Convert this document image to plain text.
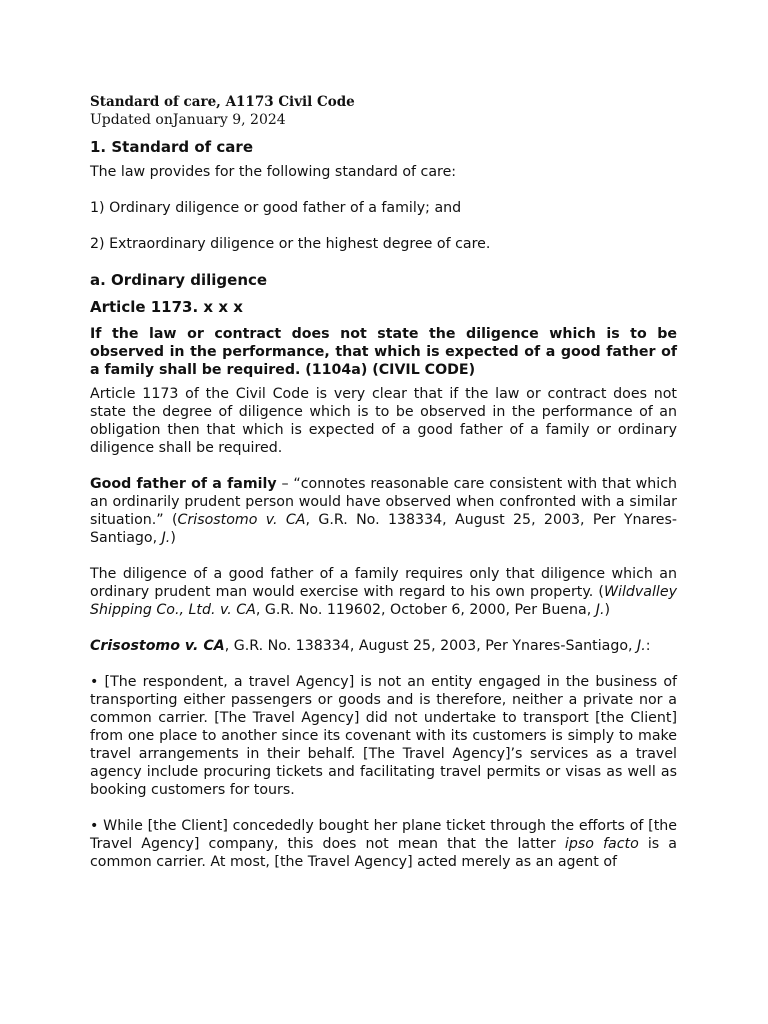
Standard of care, A1173 Civil Code
Updated onJanuary 9, 2024
1. Standard of care

The law provides for the following standard of care:

1) Ordinary diligence or good father of a family; and

2) Extraordinary diligence or the highest degree of care.

a. Ordinary diligence
Article 1173. x x x

If the law or contract does not state the diligence which is to be observed in the performance, that which is expected of a good father of a family shall be required. (1104a) (CIVIL CODE)

Article 1173 of the Civil Code is very clear that if the law or contract does not state the degree of diligence which is to be observed in the performance of an obligation then that which is expected of a good father of a family or ordinary diligence shall be required.

Good father of a family – “connotes reasonable care consistent with that which an ordinarily prudent person would have observed when confronted with a similar situation.” (Crisostomo v. CA, G.R. No. 138334, August 25, 2003, Per Ynares-Santiago, J.)

The diligence of a good father of a family requires only that diligence which an ordinary prudent man would exercise with regard to his own property. (Wildvalley Shipping Co., Ltd. v. CA, G.R. No. 119602, October 6, 2000, Per Buena, J.)

Crisostomo v. CA, G.R. No. 138334, August 25, 2003, Per Ynares-Santiago, J.:

• [The respondent, a travel Agency] is not an entity engaged in the business of transporting either passengers or goods and is therefore, neither a private nor a common carrier. [The Travel Agency] did not undertake to transport [the Client] from one place to another since its covenant with its customers is simply to make travel arrangements in their behalf. [The Travel Agency]’s services as a travel agency include procuring tickets and facilitating travel permits or visas as well as booking customers for tours.

• While [the Client] concededly bought her plane ticket through the efforts of [the Travel Agency] company, this does not mean that the latter ipso facto is a common carrier. At most, [the Travel Agency] acted merely as an agent of
